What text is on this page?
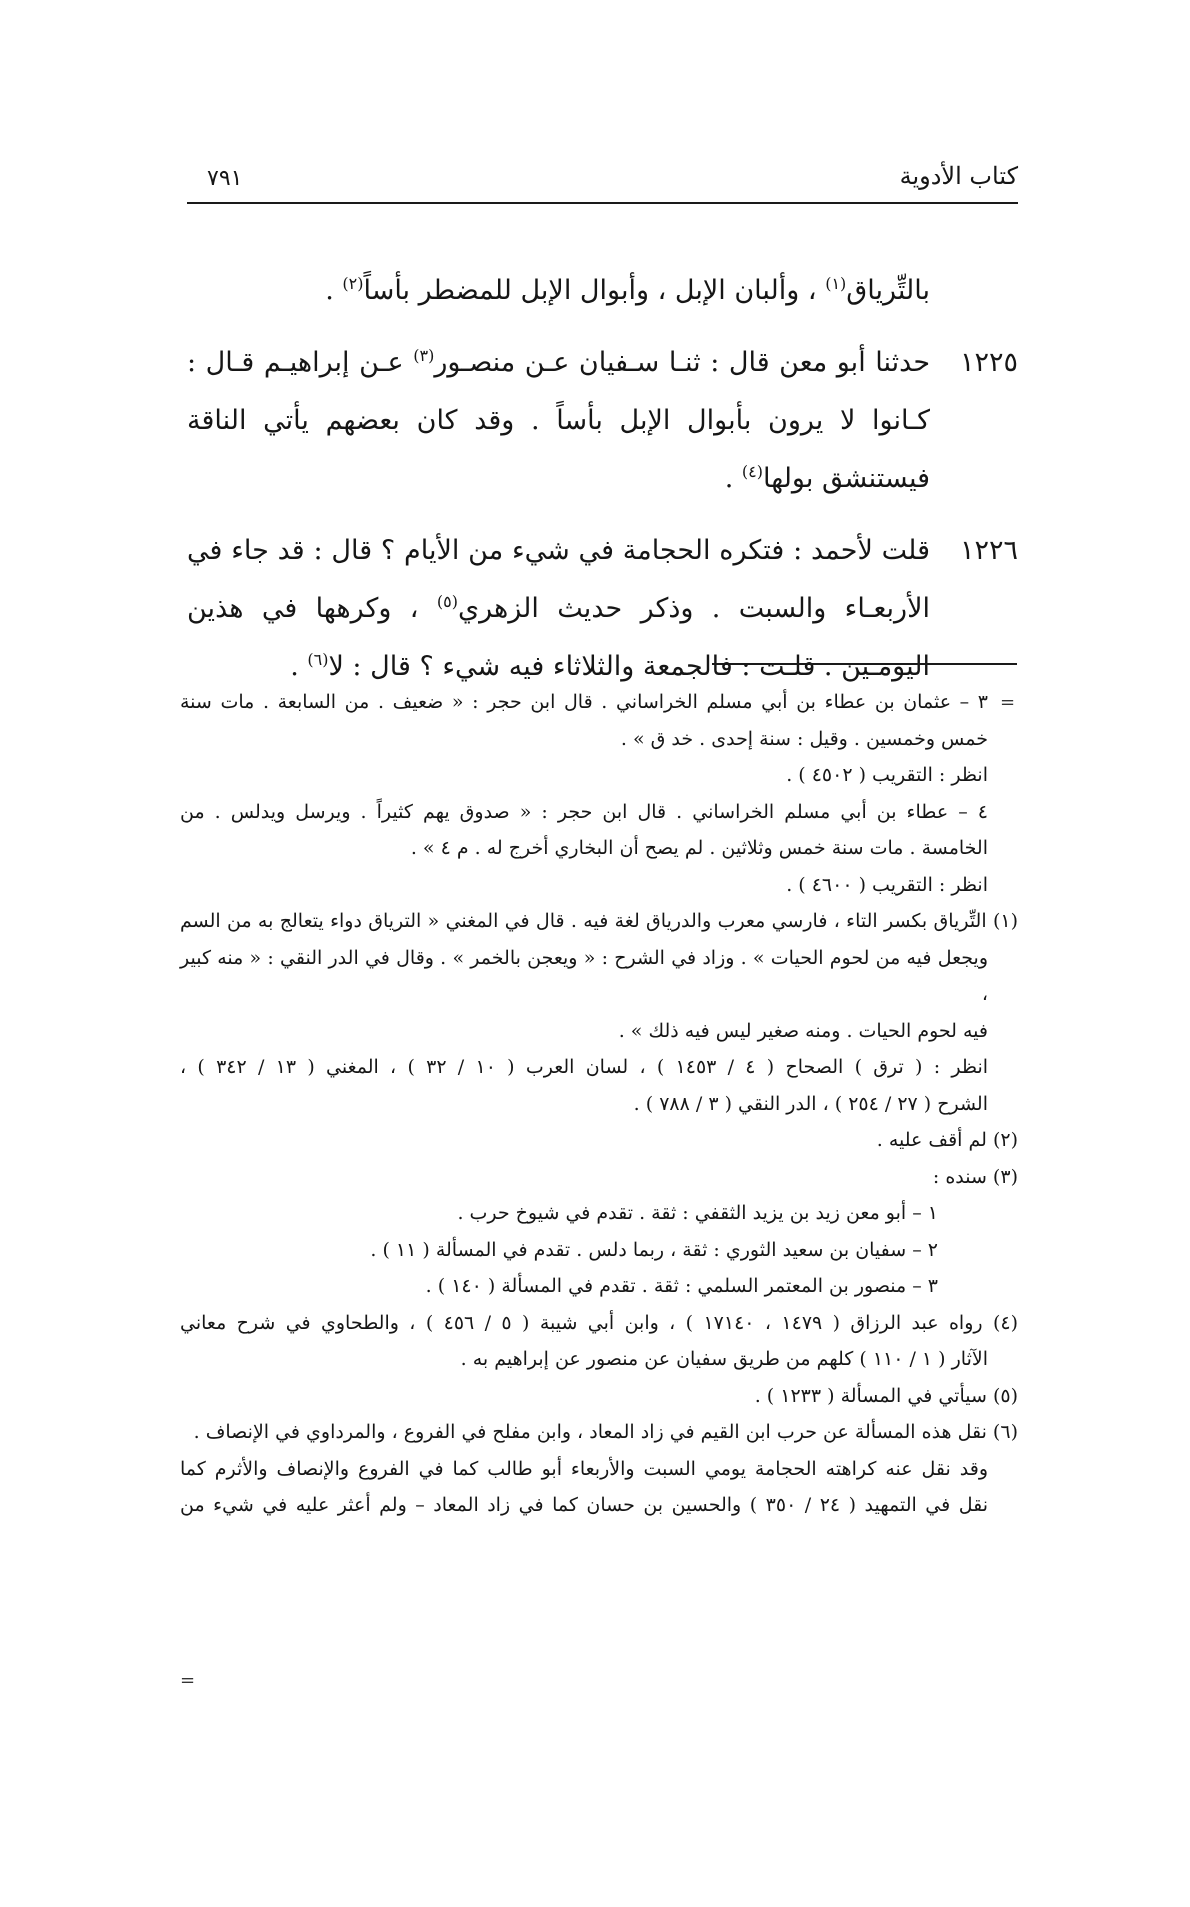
كتاب الأدوية
٧٩١

بالتِّرياق$^{(١)}$ ، وألبان الإبل ، وأبوال الإبل للمضطر بأساً$^{(٢)}$ .

١٢٢٥

حدثنا أبو معن قال : ثنـا سـفيان عـن منصـور$^{(٣)}$ عـن إبراهيـم قـال : كـانوا لا يرون بأبوال الإبل بأساً . وقد كان بعضهم يأتي الناقة فيستنشق بولها$^{(٤)}$ .

١٢٢٦

قلت لأحمد : فتكره الحجامة في شيء من الأيام ؟ قال : قد جاء في الأربعـاء والسبت . وذكر حديث الزهري$^{(٥)}$ ، وكرهها في هذين اليومـين . قلـت : فالجمعة والثلاثاء فيه شيء ؟ قال : لا$^{(٦)}$ .

=

٣ – عثمان بن عطاء بن أبي مسلم الخراساني . قال ابن حجر : « ضعيف . من السابعة . مات سنة

خمس وخمسين . وقيل : سنة إحدى . خد ق » .

انظر : التقريب ( ٤٥٠٢ ) .

٤ – عطاء بن أبي مسلم الخراساني . قال ابن حجر : « صدوق يهم كثيراً . ويرسل ويدلس . من

الخامسة . مات سنة خمس وثلاثين . لم يصح أن البخاري أخرج له . م ٤ » .

انظر : التقريب ( ٤٦٠٠ ) .

(١) التِّرياق بكسر التاء ، فارسي معرب والدرياق لغة فيه . قال في المغني « الترياق دواء يتعالج به من السم

ويجعل فيه من لحوم الحيات » . وزاد في الشرح : « ويعجن بالخمر » . وقال في الدر النقي : « منه كبير ،

فيه لحوم الحيات . ومنه صغير ليس فيه ذلك » .

انظر : ( ترق ) الصحاح ( ٤ / ١٤٥٣ ) ، لسان العرب ( ١٠ / ٣٢ ) ، المغني ( ١٣ / ٣٤٢ ) ،

الشرح ( ٢٧ / ٢٥٤ ) ، الدر النقي ( ٣ / ٧٨٨ ) .

(٢) لم أقف عليه .

(٣) سنده :

١ – أبو معن زيد بن يزيد الثقفي : ثقة . تقدم في شيوخ حرب .

٢ – سفيان بن سعيد الثوري : ثقة ، ربما دلس . تقدم في المسألة ( ١١ ) .

٣ – منصور بن المعتمر السلمي : ثقة . تقدم في المسألة ( ١٤٠ ) .

(٤) رواه عبد الرزاق ( ١٤٧٩ ، ١٧١٤٠ ) ، وابن أبي شيبة ( ٥ / ٤٥٦ ) ، والطحاوي في شرح معاني

الآثار ( ١ / ١١٠ ) كلهم من طريق سفيان عن منصور عن إبراهيم به .

(٥) سيأتي في المسألة ( ١٢٣٣ ) .

(٦) نقل هذه المسألة عن حرب ابن القيم في زاد المعاد ، وابن مفلح في الفروع ، والمرداوي في الإنصاف .

وقد نقل عنه كراهته الحجامة يومي السبت والأربعاء أبو طالب كما في الفروع والإنصاف والأثرم كما

نقل في التمهيد ( ٢٤ / ٣٥٠ ) والحسين بن حسان كما في زاد المعاد – ولم أعثر عليه في شيء من

=
